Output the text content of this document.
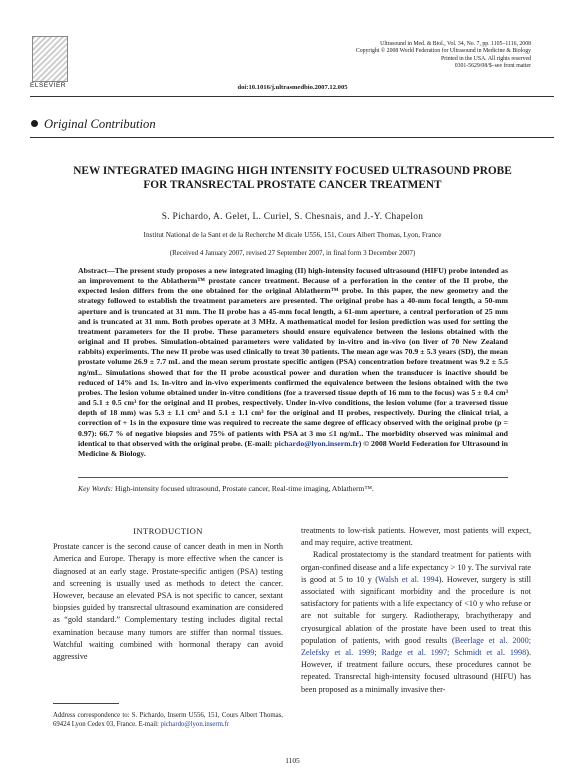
ELSEVIER
Ultrasound in Med. & Biol., Vol. 34, No. 7, pp. 1105–1116, 2008
Copyright © 2008 World Federation for Ultrasound in Medicine & Biology
Printed in the USA. All rights reserved
0301-5629/08/$–see front matter
doi:10.1016/j.ultrasmedbio.2007.12.005
Original Contribution
NEW INTEGRATED IMAGING HIGH INTENSITY FOCUSED ULTRASOUND PROBE FOR TRANSRECTAL PROSTATE CANCER TREATMENT
S. Pichardo, A. Gelet, L. Curiel, S. Chesnais, and J.-Y. Chapelon
Institut National de la Sant et de la Recherche M dicale U556, 151, Cours Albert Thomas, Lyon, France
(Received 4 January 2007, revised 27 September 2007, in final form 3 December 2007)
Abstract—The present study proposes a new integrated imaging (II) high-intensity focused ultrasound (HIFU) probe intended as an improvement to the Ablatherm™ prostate cancer treatment. Because of a perforation in the center of the II probe, the expected lesion differs from the one obtained for the original Ablatherm™ probe. In this paper, the new geometry and the strategy followed to establish the treatment parameters are presented. The original probe has a 40-mm focal length, a 50-mm aperture and is truncated at 31 mm. The II probe has a 45-mm focal length, a 61-mm aperture, a central perforation of 25 mm and is truncated at 31 mm. Both probes operate at 3 MHz. A mathematical model for lesion prediction was used for setting the treatment parameters for the II probe. These parameters should ensure equivalence between the lesions obtained with the original and II probes. Simulation-obtained parameters were validated by in-vitro and in-vivo (on liver of 70 New Zealand rabbits) experiments. The new II probe was used clinically to treat 30 patients. The mean age was 70.9 ± 5.3 years (SD), the mean prostate volume 26.9 ± 7.7 mL and the mean serum prostate specific antigen (PSA) concentration before treatment was 9.2 ± 5.5 ng/mL. Simulations showed that for the II probe acoustical power and duration when the transducer is inactive should be reduced of 14% and 1s. In-vitro and in-vivo experiments confirmed the equivalence between the lesions obtained with the two probes. The lesion volume obtained under in-vitro conditions (for a traversed tissue depth of 16 mm to the focus) was 5 ± 0.4 cm³ and 5.1 ± 0.5 cm³ for the original and II probes, respectively. Under in-vivo conditions, the lesion volume (for a traversed tissue depth of 18 mm) was 5.3 ± 1.1 cm³ and 5.1 ± 1.1 cm³ for the original and II probes, respectively. During the clinical trial, a correction of + 1s in the exposure time was required to recreate the same degree of efficacy observed with the original probe (p = 0.97): 66.7 % of negative biopsies and 75% of patients with PSA at 3 mo ≤1 ng/mL. The morbidity observed was minimal and identical to that observed with the original probe. (E-mail: pichardo@lyon.inserm.fr) © 2008 World Federation for Ultrasound in Medicine & Biology.
Key Words: High-intensity focused ultrasound, Prostate cancer, Real-time imaging, Ablatherm™.
INTRODUCTION

Prostate cancer is the second cause of cancer death in men in North America and Europe. Therapy is more effective when the cancer is diagnosed at an early stage. Prostate-specific antigen (PSA) testing and screening is usually used as methods to detect the cancer. However, because an elevated PSA is not specific to cancer, sextant biopsies guided by transrectal ultrasound examination are considered as “gold standard.” Complementary testing includes digital rectal examination because many tumors are stiffer than normal tissues. Watchful waiting combined with hormonal therapy can avoid aggressive

treatments to low-risk patients. However, most patients will expect, and may require, active treatment.

Radical prostatectomy is the standard treatment for patients with organ-confined disease and a life expectancy > 10 y. The survival rate is good at 5 to 10 y (Walsh et al. 1994). However, surgery is still associated with significant morbidity and the procedure is not satisfactory for patients with a life expectancy of <10 y who refuse or are not suitable for surgery. Radiotherapy, brachytherapy and cryosurgical ablation of the prostate have been used to treat this population of patients, with good results (Beerlage et al. 2000; Zelefsky et al. 1999; Radge et al. 1997; Schmidt et al. 1998). However, if treatment failure occurs, these procedures cannot be repeated. Transrectal high-intensity focused ultrasound (HIFU) has been proposed as a minimally invasive ther-

Address correspondence to: S. Pichardo, Inserm U556, 151, Cours Albert Thomas, 69424 Lyon Cedex 03, France. E-mail: pichardo@lyon.inserm.fr
1105
